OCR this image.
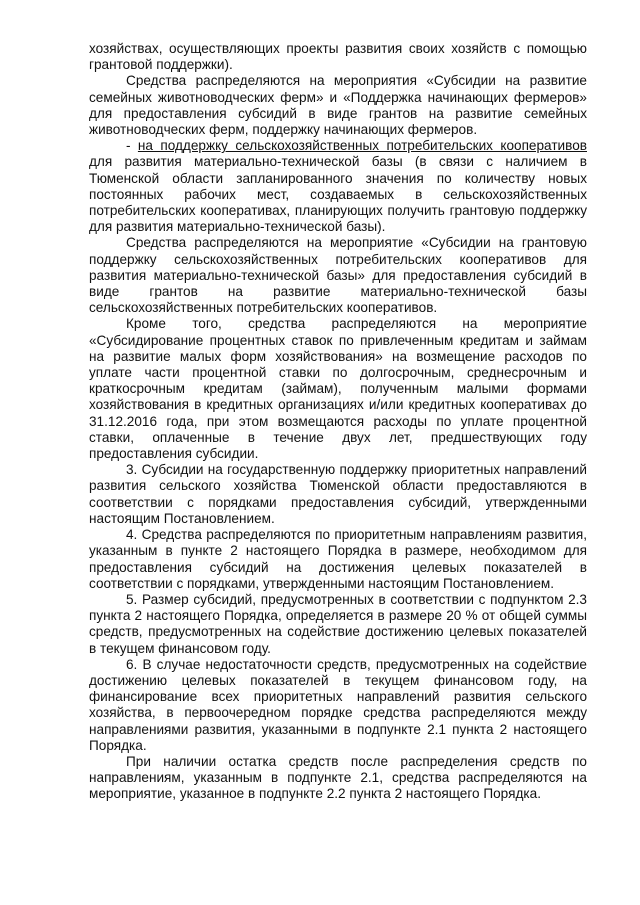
хозяйствах, осуществляющих проекты развития своих хозяйств с помощью грантовой поддержки).

Средства распределяются на мероприятия «Субсидии на развитие семейных животноводческих ферм» и «Поддержка начинающих фермеров» для предоставления субсидий в виде грантов на развитие семейных животноводческих ферм, поддержку начинающих фермеров.

- на поддержку сельскохозяйственных потребительских кооперативов для развития материально-технической базы (в связи с наличием в Тюменской области запланированного значения по количеству новых постоянных рабочих мест, создаваемых в сельскохозяйственных потребительских кооперативах, планирующих получить грантовую поддержку для развития материально-технической базы).

Средства распределяются на мероприятие «Субсидии на грантовую поддержку сельскохозяйственных потребительских кооперативов для развития материально-технической базы» для предоставления субсидий в виде грантов на развитие материально-технической базы сельскохозяйственных потребительских кооперативов.

Кроме того, средства распределяются на мероприятие «Субсидирование процентных ставок по привлеченным кредитам и займам на развитие малых форм хозяйствования» на возмещение расходов по уплате части процентной ставки по долгосрочным, среднесрочным и краткосрочным кредитам (займам), полученным малыми формами хозяйствования в кредитных организациях и/или кредитных кооперативах до 31.12.2016 года, при этом возмещаются расходы по уплате процентной ставки, оплаченные в течение двух лет, предшествующих году предоставления субсидии.

3. Субсидии на государственную поддержку приоритетных направлений развития сельского хозяйства Тюменской области предоставляются в соответствии с порядками предоставления субсидий, утвержденными настоящим Постановлением.

4. Средства распределяются по приоритетным направлениям развития, указанным в пункте 2 настоящего Порядка в размере, необходимом для предоставления субсидий на достижения целевых показателей в соответствии с порядками, утвержденными настоящим Постановлением.

5. Размер субсидий, предусмотренных в соответствии с подпунктом 2.3 пункта 2 настоящего Порядка, определяется в размере 20 % от общей суммы средств, предусмотренных на содействие достижению целевых показателей в текущем финансовом году.

6. В случае недостаточности средств, предусмотренных на содействие достижению целевых показателей в текущем финансовом году, на финансирование всех приоритетных направлений развития сельского хозяйства, в первоочередном порядке средства распределяются между направлениями развития, указанными в подпункте 2.1 пункта 2 настоящего Порядка.

При наличии остатка средств после распределения средств по направлениям, указанным в подпункте 2.1, средства распределяются на мероприятие, указанное в подпункте 2.2 пункта 2 настоящего Порядка.
